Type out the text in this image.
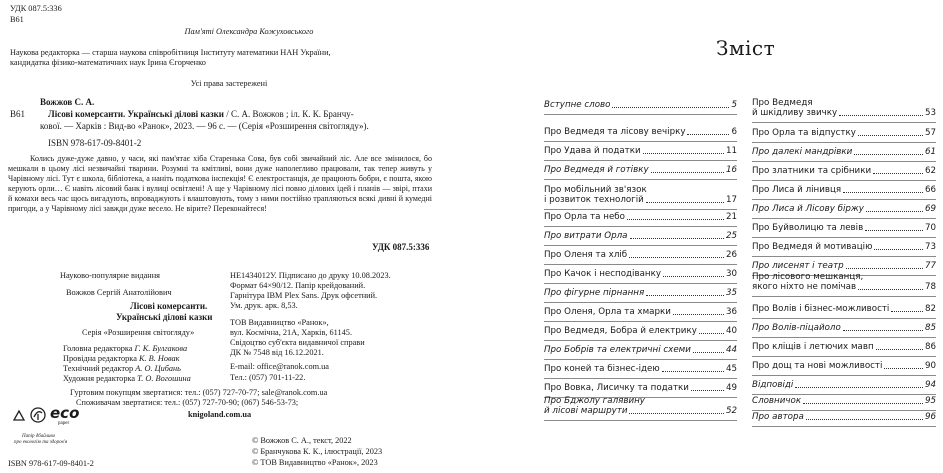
УДК 087.5:336
В61
Пам'яті Олександра Кожуховського
Наукова редакторка — старша наукова співробітниця Інституту математики НАН України,
кандидатка фізико-математичних наук Ірина Єгорченко
Усі права застережені
Вожжов С. А.
В61	Лісові комерсанти. Українські ділові казки / С. А. Вожжов ; іл. К. К. Бранчу-
кової. — Харків : Вид-во «Ранок», 2023. — 96 с. — (Серія «Розширення світогляду»).
ISBN 978-617-09-8401-2
Колись дуже-дуже давно, у часи, які пам'ятає хіба Старенька Сова, був собі звичайний ліс. Але все змінилося, бо мешкали в цьому лісі незвичайні тварини. Розумні та кмітливі, вони дуже наполегливо працювали, так тепер живуть у Чарівному лісі. Тут є школа, бібліотека, а наніть податкова інспекція! Є електростанція, де працюють бобри, є пошта, якою керують орли… Є навіть лісовий банк і вулиці освітлені! А ще у Чарівному лісі повно ділових ідей і планів — звірі, птахи й комахи весь час щось вигадують, впроваджують і влаштовують, тому з ними постійно трапляються всякі дивні й кумедні пригоди, а у Чарівному лісі завжди дуже весело. Не вірите? Переконайтеся!
УДК 087.5:336
Науково-популярне видання
Вожжов Сергій Анатолійович
Лісові комерсанти.
Українські ділові казки
Серія «Розширення світогляду»
Головна редакторка Г. К. Булгакова
Провідна редакторка К. В. Новак
Технічний редактор А. О. Цибань
Художня редакторка Т. О. Вогошина
НЕ1434012У. Підписано до друку 10.08.2023.
Формат 64×90/12. Папір крейдований.
Гарнітура IBM Plex Sans. Друк офсетний.
Ум. друк. арк. 8,53.
ТОВ Видавництво «Ранок»,
вул. Космічна, 21А, Харків, 61145.
Свідоцтво суб'єкта видавничої справи
ДК № 7548 від 16.12.2021.
E-mail: office@ranok.com.ua
Тел.: (057) 701-11-22.
Гуртовим покупцям звертатися: тел.: (057) 727-70-77; sale@ranok.com.ua
Споживачам звертатися: тел.: (057) 727-70-90; (067) 546-53-73;
knigoland.com.ua
eco
paper
Папір дбайливо
про екологію та здоров'я	© Вожжов С. А., текст, 2022
© Бранчукова К. К., ілюстрації, 2023
© ТОВ Видавництво «Ранок», 2023
ISBN 978-617-09-8401-2
Зміст
Вступне слово	5
Про Ведмедя та лісову вечірку	6
Про Удава й податки	11
Про Ведмедя й готівку	16
Про мобільний зв'язок
і розвиток технологій	17
Про Орла та небо	21
Про витрати Орла	25
Про Оленя та хліб	26
Про Качок і несподіванку	30
Про фігурне пірнання	35
Про Оленя, Орла та хмарки	36
Про Ведмедя, Бобра й електрику	40
Про Бобрів та електричні схеми	44
Про коней та бізнес-ідею	45
Про Вовка, Лисичку та податки	49
Про Бджолу галявину
й лісові маршрути	52
Про Ведмедя
й шкідливу звичку	53
Про Орла та відпустку	57
Про далекі мандрівки	61
Про златники та срібники	62
Про Лиса й лінивця	66
Про Лиса й Лісову біржу	69
Про Буйволицю та левів	70
Про Ведмедя й мотивацію	73
Про лисенят і театр	77
Про лісового мешканця,
якого ніхто не помічав	78
Про Волів і бізнес-можливості	82
Про Волів-піцайолo	85
Про кліщів і летючих мавп	86
Про дощ та нові можливості	90
Відповіді	94
Словничок	95
Про автора	96
